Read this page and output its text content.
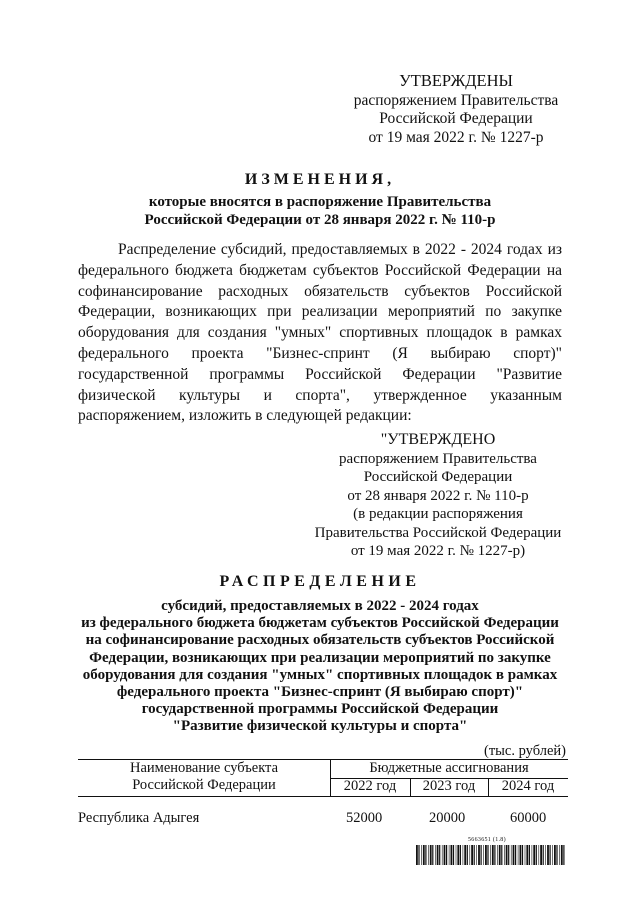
УТВЕРЖДЕНЫ
распоряжением Правительства
Российской Федерации
от 19 мая 2022 г. № 1227-р
ИЗМЕНЕНИЯ,
которые вносятся в распоряжение Правительства
Российской Федерации от 28 января 2022 г. № 110-р

Распределение субсидий, предоставляемых в 2022 - 2024 годах из федерального бюджета бюджетам субъектов Российской Федерации на софинансирование расходных обязательств субъектов Российской Федерации, возникающих при реализации мероприятий по закупке оборудования для создания "умных" спортивных площадок в рамках федерального проекта "Бизнес-спринт (Я выбираю спорт)" государственной программы Российской Федерации "Развитие физической культуры и спорта", утвержденное указанным распоряжением, изложить в следующей редакции:

"УТВЕРЖДЕНО
распоряжением Правительства
Российской Федерации
от 28 января 2022 г. № 110-р
(в редакции распоряжения
Правительства Российской Федерации
от 19 мая 2022 г. № 1227-р)
РАСПРЕДЕЛЕНИЕ
субсидий, предоставляемых в 2022 - 2024 годах
из федерального бюджета бюджетам субъектов Российской Федерации
на софинансирование расходных обязательств субъектов Российской
Федерации, возникающих при реализации мероприятий по закупке
оборудования для создания "умных" спортивных площадок в рамках
федерального проекта "Бизнес-спринт (Я выбираю спорт)"
государственной программы Российской Федерации
"Развитие физической культуры и спорта"
(тыс. рублей)
Наименование субъекта
Российской Федерации
Бюджетные ассигнования
2022 год	2023 год	2024 год
Республика Адыгея	52000	20000	60000
5663651 (1.8)
